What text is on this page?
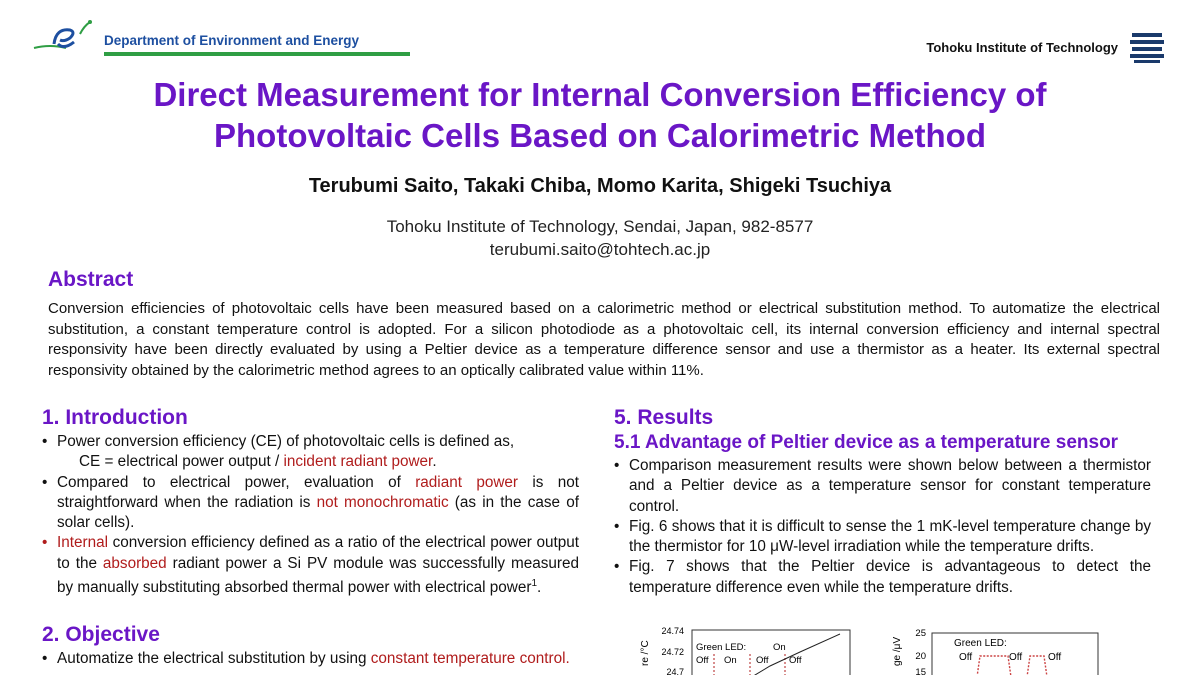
Department of Environment and Energy	Tohoku Institute of Technology
Direct Measurement for Internal Conversion Efficiency of
Photovoltaic Cells Based on Calorimetric Method
Terubumi Saito, Takaki Chiba, Momo Karita, Shigeki Tsuchiya
Tohoku Institute of Technology, Sendai, Japan, 982-8577
terubumi.saito@tohtech.ac.jp
Abstract
Conversion efficiencies of photovoltaic cells have been measured based on a calorimetric method or electrical substitution method. To automatize the electrical substitution, a constant temperature control is adopted. For a silicon photodiode as a photovoltaic cell, its internal conversion efficiency and internal spectral responsivity have been directly evaluated by using a Peltier device as a temperature difference sensor and use a thermistor as a heater. Its external spectral responsivity obtained by the calorimetric method agrees to an optically calibrated value within 11%.
1. Introduction
• Power conversion efficiency (CE) of photovoltaic cells is defined as,
CE = electrical power output / incident radiant power.
• Compared to electrical power, evaluation of radiant power is not straightforward when the radiation is not monochromatic (as in the case of solar cells).
• Internal conversion efficiency defined as a ratio of the electrical power output to the absorbed radiant power a Si PV module was successfully measured by manually substituting absorbed thermal power with electrical power$^1$.
2. Objective
• Automatize the electrical substitution by using constant temperature control.
5. Results
5.1 Advantage of Peltier device as a temperature sensor
• Comparison measurement results were shown below between a thermistor and a Peltier device as a temperature sensor for constant temperature control.
• Fig. 6 shows that it is difficult to sense the 1 mK-level temperature change by the thermistor for 10 μW-level irradiation while the temperature drifts.
• Fig. 7 shows that the Peltier device is advantageous to detect the temperature difference even while the temperature drifts.
re /°C
24.74
24.72
24.7
Green LED:	On
Off On Off Off	ge /μV
25
20
15
Green LED:
Off	Off	Off
